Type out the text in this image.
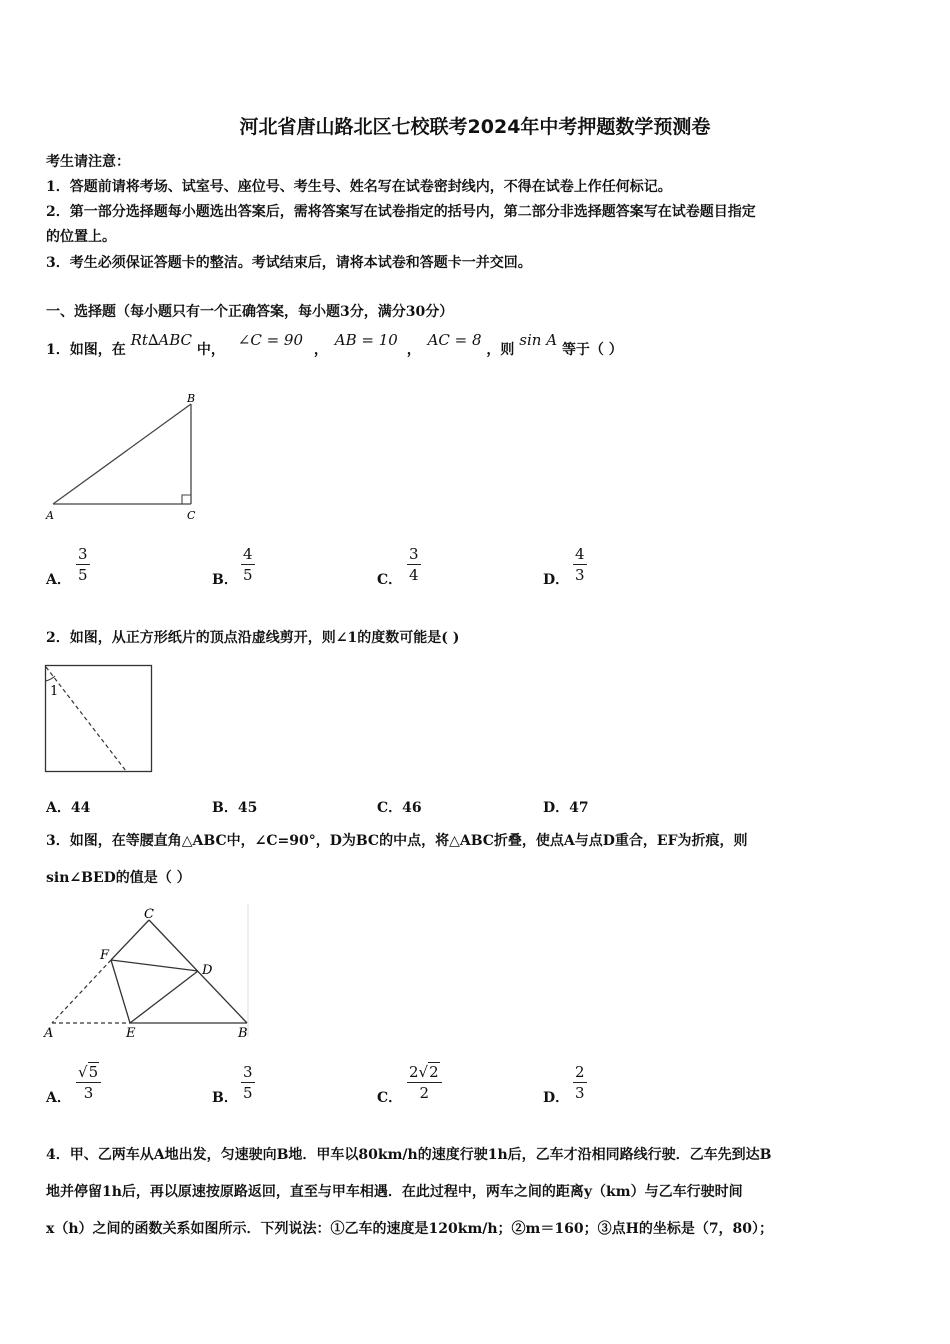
河北省唐山路北区七校联考2024年中考押题数学预测卷
考生请注意：
1．答题前请将考场、试室号、座位号、考生号、姓名写在试卷密封线内，不得在试卷上作任何标记。
2．第一部分选择题每小题选出答案后，需将答案写在试卷指定的括号内，第二部分非选择题答案写在试卷题目指定
的位置上。
3．考生必须保证答题卡的整洁。考试结束后，请将本试卷和答题卡一并交回。
一、选择题（每小题只有一个正确答案，每小题3分，满分30分）
1．如图，在 Rt∆ABC 中， ∠C = 90 ， AB = 10 ， AC = 8 ，则 sin A 等于（ ）
A
B
C
A．
3
5	B．
4
5	C．
3
4	D．
4
3
2．如图，从正方形纸片的顶点沿虚线剪开，则∠1的度数可能是( )
1
A．44	B．45	C．46	D．47
3．如图，在等腰直角△ABC中，∠C=90°，D为BC的中点，将△ABC折叠，使点A与点D重合，EF为折痕，则
sin∠BED的值是（ ）
C
F
D
A	E	B
A．
√5
3	B．
3
5	C．
2√2
2	D．
2
3
4．甲、乙两车从A地出发，匀速驶向B地．甲车以80km/h的速度行驶1h后，乙车才沿相同路线行驶．乙车先到达B
地并停留1h后，再以原速按原路返回，直至与甲车相遇．在此过程中，两车之间的距离y（km）与乙车行驶时间
x（h）之间的函数关系如图所示．下列说法：①乙车的速度是120km/h；②m＝160；③点H的坐标是（7，80）；
